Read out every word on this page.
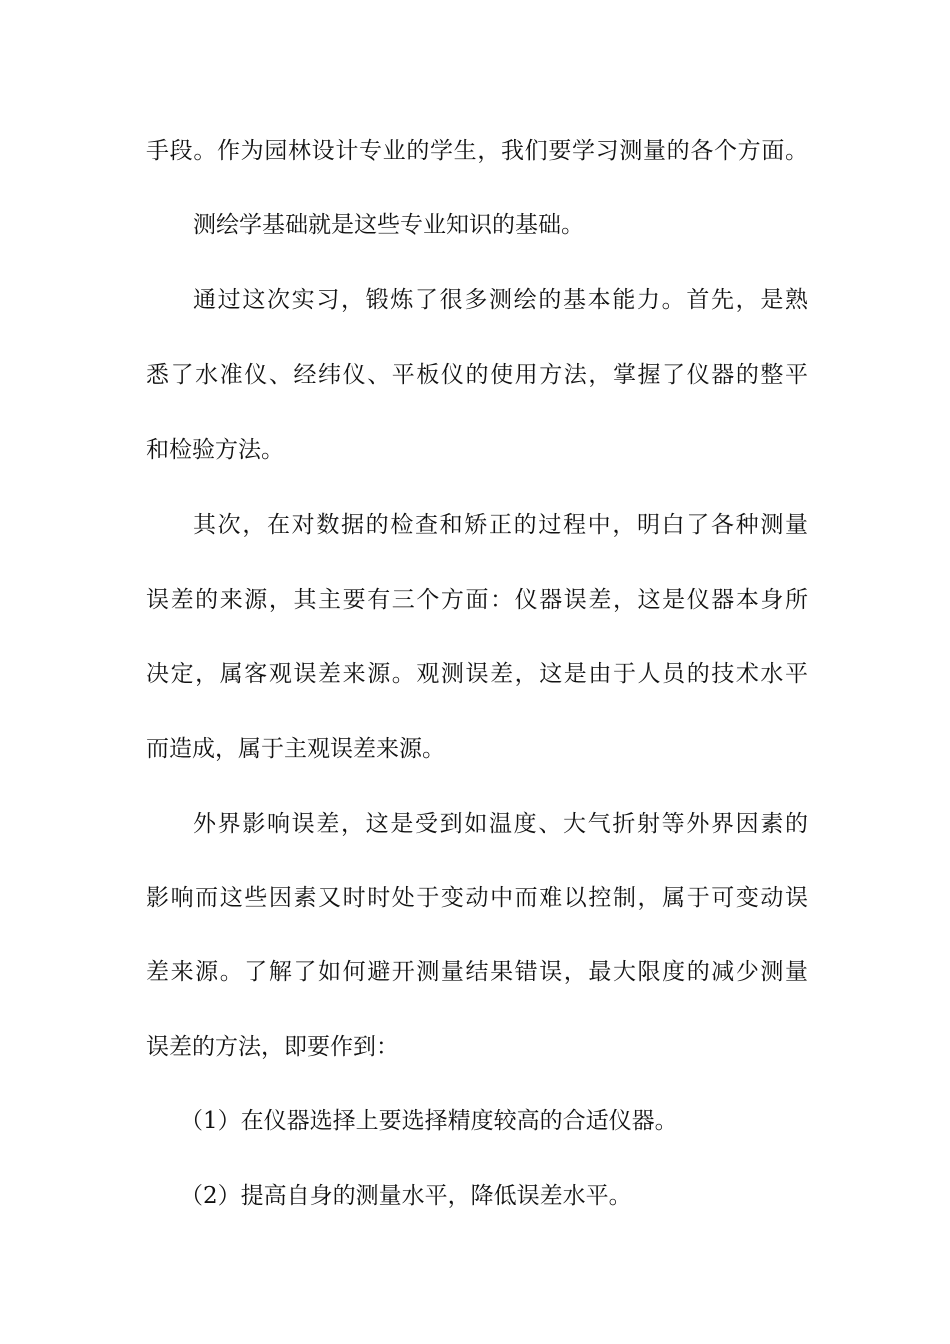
手段。作为园林设计专业的学生，我们要学习测量的各个方面。
测绘学基础就是这些专业知识的基础。
通过这次实习，锻炼了很多测绘的基本能力。首先，是熟
悉了水准仪、经纬仪、平板仪的使用方法，掌握了仪器的整平
和检验方法。
其次，在对数据的检查和矫正的过程中，明白了各种测量
误差的来源，其主要有三个方面：仪器误差，这是仪器本身所
决定，属客观误差来源。观测误差，这是由于人员的技术水平
而造成，属于主观误差来源。
外界影响误差，这是受到如温度、大气折射等外界因素的
影响而这些因素又时时处于变动中而难以控制，属于可变动误
差来源。了解了如何避开测量结果错误，最大限度的减少测量
误差的方法，即要作到：
（1）在仪器选择上要选择精度较高的合适仪器。
（2）提高自身的测量水平，降低误差水平。
